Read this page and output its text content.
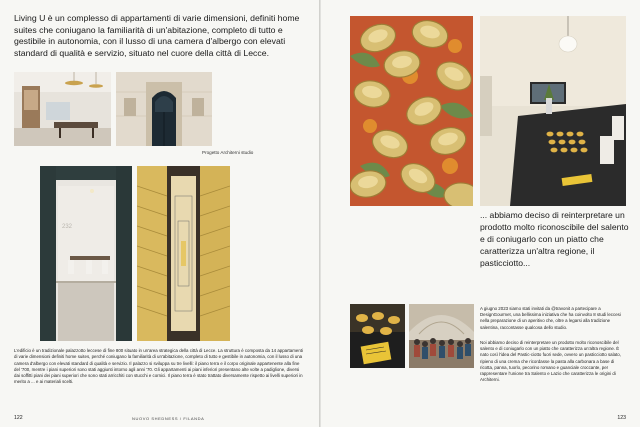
Living U è un complesso di appartamenti di varie dimensioni, definiti home suites che coniugano la familiarità di un'abitazione, completo di tutto e gestibile in autonomia, con il lusso di una camera d'albergo con elevati standard di qualità e servizio, situato nel cuore della città di Lecce.

Progetto Architerni studio
232

L'edificio è un tradizionale palazzotto leccese di fine 800 situato in un'area strategica della città di Lecce. La struttura è composta da 14 appartamenti di varie dimensioni definiti home suites, perché coniugano la familiarità di un'abitazione, completo di tutto e gestibile in autonomia, con il lusso di una camera d'albergo con elevati standard di qualità e servizio. Il palazzo si sviluppa su tre livelli: il piano terra e il corpo originale appartenente alla fine del '700, mentre i piani superiori sono stati aggiunti intorno agli anni '70. Gli appartamenti ai piani inferiori presentano alte volte a padiglione, diversi dai soffitti piani dei piani superiori che sono stati arricchiti con stucchi e cornici. Il piano terra è stato trattato diversamente rispetto ai livelli superiori in merito a ... e ai materiali scelti.

122	NUOVO SHEDNESS / FILANDA

... abbiamo deciso di reinterpretare un prodotto molto riconoscibile del salento e di coniugarlo con un piatto che caratterizza un'altra regione, il pasticciotto...

A giugno 2023 siamo stati invitati da @travonit a partecipare a DesignGourmet, una bellissima iniziativa che ha coinvolto 8 studi leccesi nella preparazione di un aperitivo che, oltre a legarsi alla tradizione salentina, raccontasse qualcosa dello studio.

Noi abbiamo deciso di reinterpretare un prodotto molto riconoscibile del salento e di coniugarlo con un piatto che caratterizza un'altra regione. È nato così l'idea del Pastic-ciotto fuori sede, ovvero un pasticciotto salato, ripieno di una crema che ricordasse la pasta alla carbonara a base di ricotta, panna, tuorlo, pecorino romano e guanciale croccante, per rappresentare l'unione tra Salento e Lazio che caratterizza le origini di Architerni.

123
